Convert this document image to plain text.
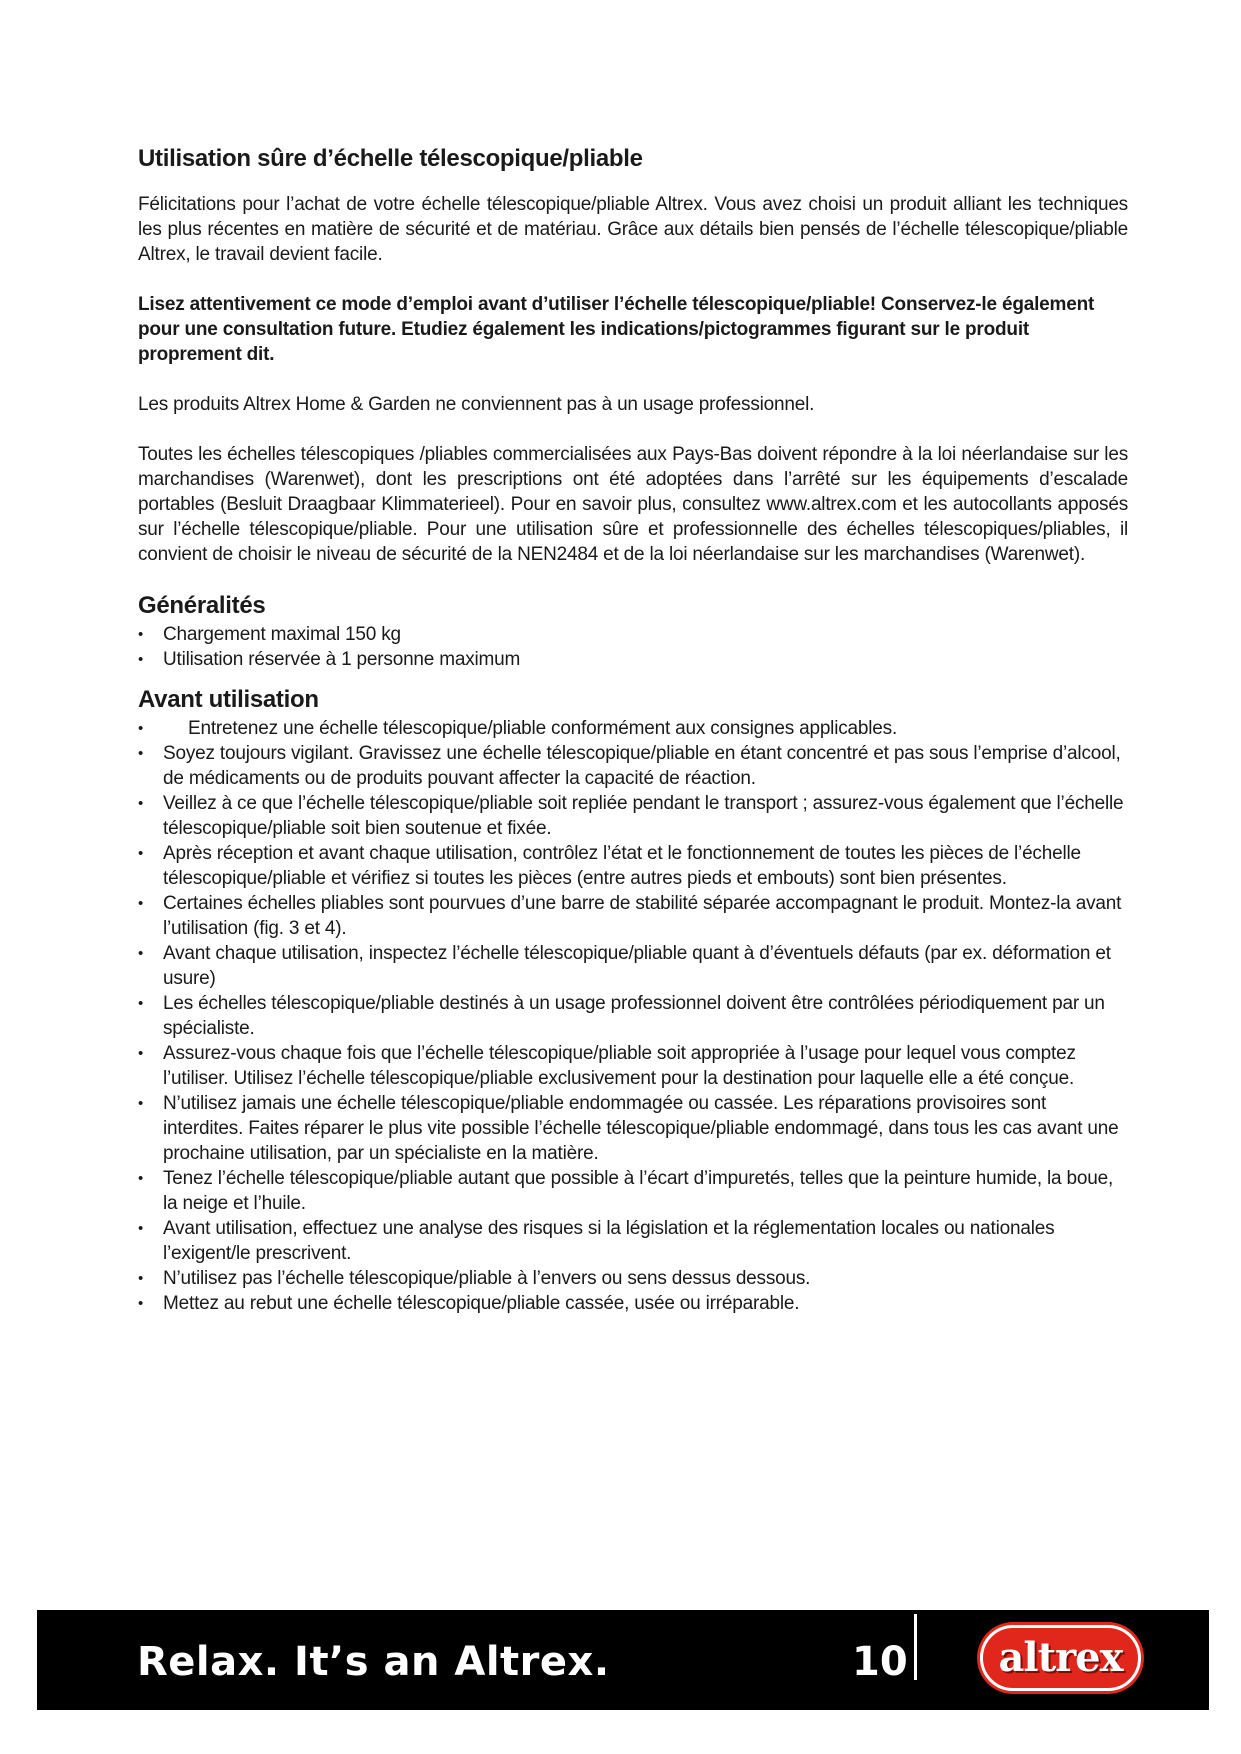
Utilisation sûre d’échelle télescopique/pliable

Félicitations pour l’achat de votre échelle télescopique/pliable Altrex. Vous avez choisi un produit alliant les techniques les plus récentes en matière de sécurité et de matériau. Grâce aux détails bien pensés de l’échelle télescopique/pliable Altrex, le travail devient facile.

Lisez attentivement ce mode d’emploi avant d’utiliser l’échelle télescopique/pliable! Conservez-le également pour une consultation future. Etudiez également les indications/pictogrammes figurant sur le produit proprement dit.

Les produits Altrex Home & Garden ne conviennent pas à un usage professionnel.

Toutes les échelles télescopiques /pliables commercialisées aux Pays-Bas doivent répondre à la loi néerlandaise sur les marchandises (Warenwet), dont les prescriptions ont été adoptées dans l’arrêté sur les équipements d’escalade portables (Besluit Draagbaar Klimmaterieel). Pour en savoir plus, consultez www.altrex.com et les autocollants apposés sur l’échelle télescopique/pliable. Pour une utilisation sûre et professionnelle des échelles télescopiques/pliables, il convient de choisir le niveau de sécurité de la NEN2484 et de la loi néerlandaise sur les marchandises (Warenwet).

Généralités
• Chargement maximal 150 kg
• Utilisation réservée à 1 personne maximum
Avant utilisation
• Entretenez une échelle télescopique/pliable conformément aux consignes applicables.
• Soyez toujours vigilant. Gravissez une échelle télescopique/pliable en étant concentré et pas sous l’emprise d’alcool, de médicaments ou de produits pouvant affecter la capacité de réaction.
• Veillez à ce que l’échelle télescopique/pliable soit repliée pendant le transport ; assurez-vous également que l’échelle télescopique/pliable soit bien soutenue et fixée.
• Après réception et avant chaque utilisation, contrôlez l’état et le fonctionnement de toutes les pièces de l’échelle télescopique/pliable et vérifiez si toutes les pièces (entre autres pieds et embouts) sont bien présentes.
• Certaines échelles pliables sont pourvues d’une barre de stabilité séparée accompagnant le produit. Montez-la avant l’utilisation (fig. 3 et 4).
• Avant chaque utilisation, inspectez l’échelle télescopique/pliable quant à d’éventuels défauts (par ex. déformation et usure)
• Les échelles télescopique/pliable destinés à un usage professionnel doivent être contrôlées périodiquement par un spécialiste.
• Assurez-vous chaque fois que l’échelle télescopique/pliable soit appropriée à l’usage pour lequel vous comptez l’utiliser. Utilisez l’échelle télescopique/pliable exclusivement pour la destination pour laquelle elle a été conçue.
• N’utilisez jamais une échelle télescopique/pliable endommagée ou cassée. Les réparations provisoires sont interdites. Faites réparer le plus vite possible l’échelle télescopique/pliable endommagé, dans tous les cas avant une prochaine utilisation, par un spécialiste en la matière.
• Tenez l’échelle télescopique/pliable autant que possible à l’écart d’impuretés, telles que la peinture humide, la boue, la neige et l’huile.
• Avant utilisation, effectuez une analyse des risques si la législation et la réglementation locales ou nationales l’exigent/le prescrivent.
• N’utilisez pas l’échelle télescopique/pliable à l’envers ou sens dessus dessous.
• Mettez au rebut une échelle télescopique/pliable cassée, usée ou irréparable.
Relax. It’s an Altrex.	10 altrex
